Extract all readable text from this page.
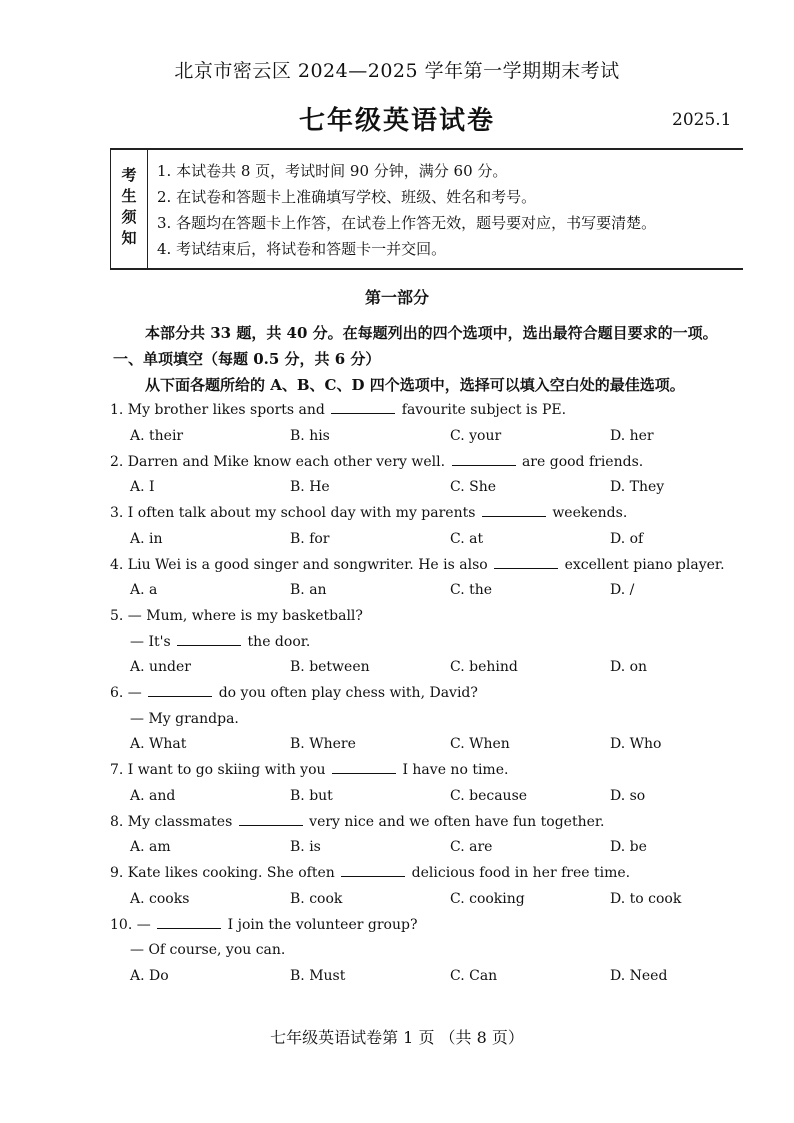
北京市密云区 2024—2025 学年第一学期期末考试
七年级英语试卷	2025.1
考生须知 1. 本试卷共 8 页，考试时间 90 分钟，满分 60 分。
2. 在试卷和答题卡上准确填写学校、班级、姓名和考号。
3. 各题均在答题卡上作答，在试卷上作答无效，题号要对应，书写要清楚。
4. 考试结束后，将试卷和答题卡一并交回。
第一部分
本部分共 33 题，共 40 分。在每题列出的四个选项中，选出最符合题目要求的一项。
一、单项填空（每题 0.5 分，共 6 分）
从下面各题所给的 A、B、C、D 四个选项中，选择可以填入空白处的最佳选项。
1. My brother likes sports and	favourite subject is PE.
A. their	B. his	C. your	D. her
2. Darren and Mike know each other very well.	are good friends.
A. I	B. He	C. She	D. They
3. I often talk about my school day with my parents	weekends.
A. in	B. for	C. at	D. of
4. Liu Wei is a good singer and songwriter. He is also	excellent piano player.
A. a	B. an	C. the	D. /
5. — Mum, where is my basketball?
— It's	the door.
A. under	B. between	C. behind	D. on
6. —	do you often play chess with, David?
— My grandpa.
A. What	B. Where	C. When	D. Who
7. I want to go skiing with you	I have no time.
A. and	B. but	C. because	D. so
8. My classmates	very nice and we often have fun together.
A. am	B. is	C. are	D. be
9. Kate likes cooking. She often	delicious food in her free time.
A. cooks	B. cook	C. cooking	D. to cook
10. —	I join the volunteer group?
— Of course, you can.
A. Do	B. Must	C. Can	D. Need
七年级英语试卷第 1 页 （共 8 页）
